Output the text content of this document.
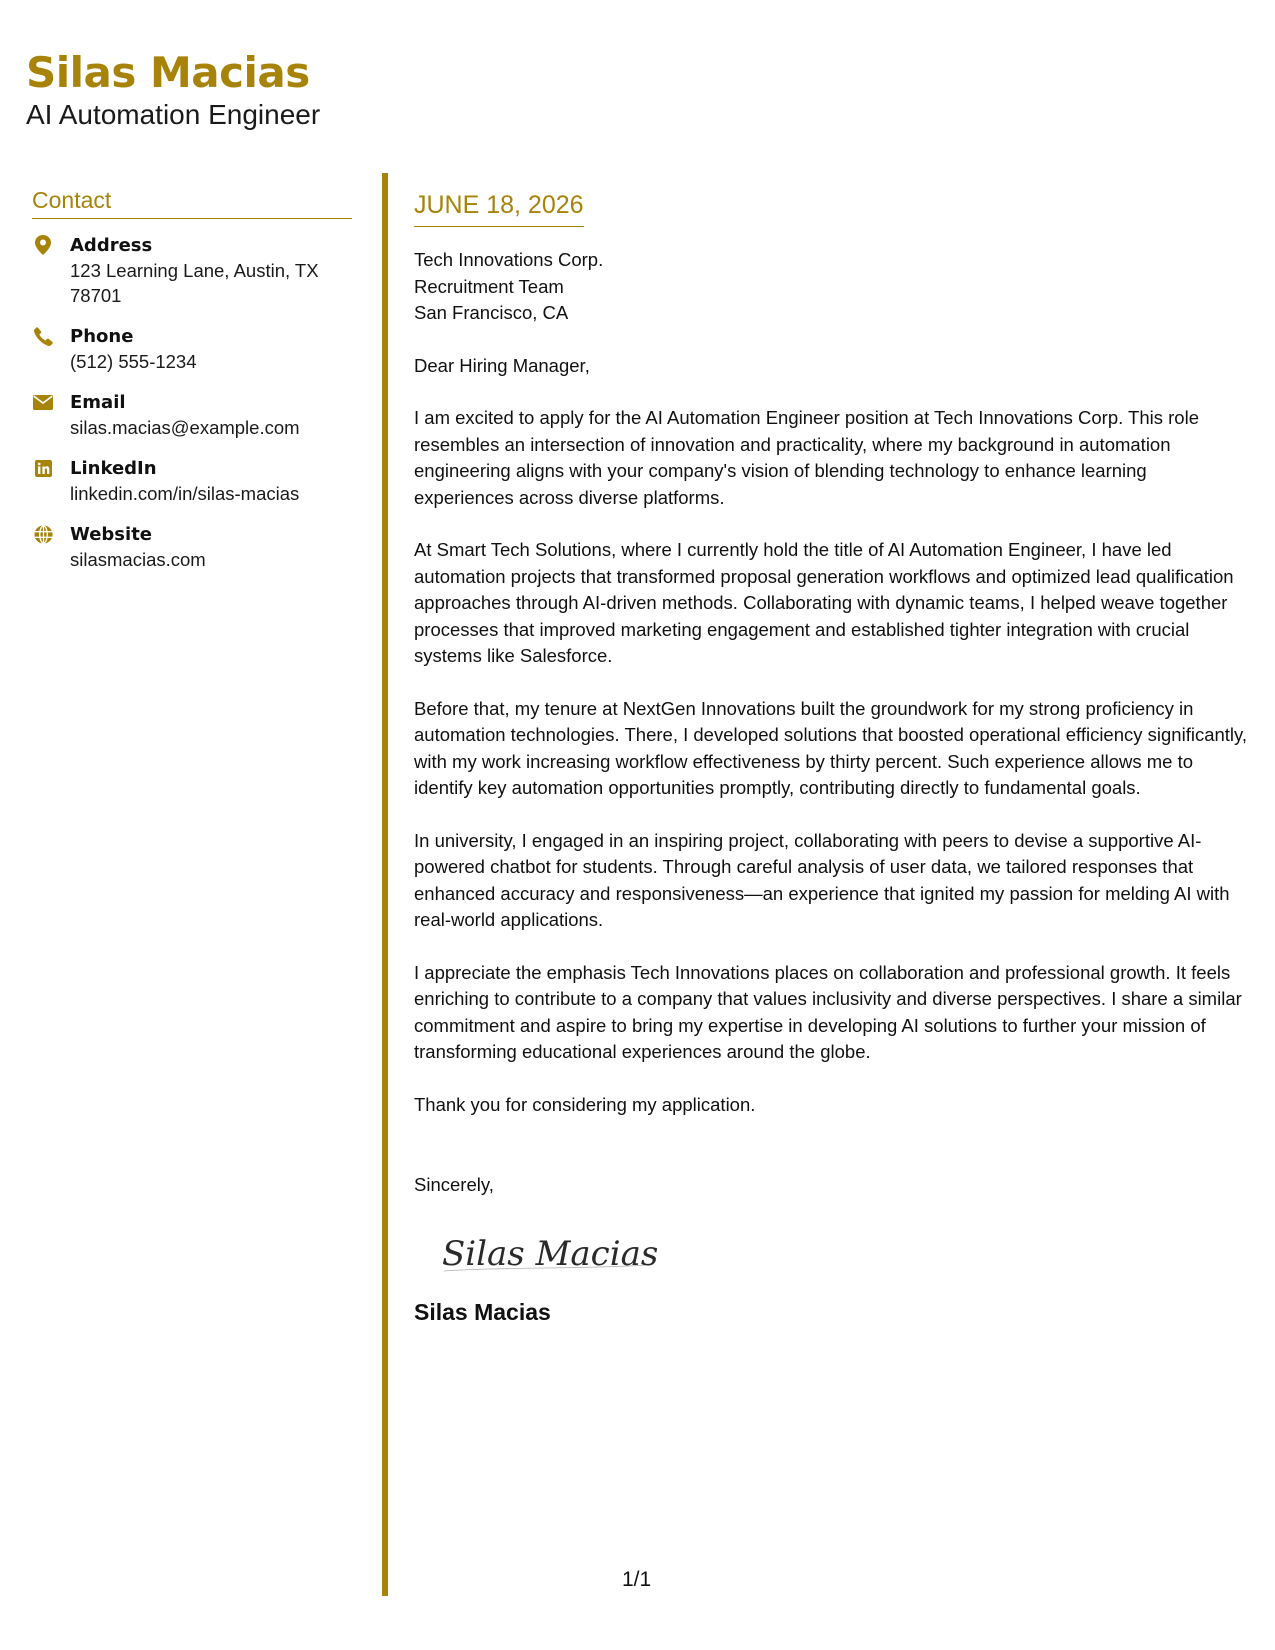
Silas Macias

AI Automation Engineer

Contact
Address
123 Learning Lane, Austin, TX 78701
Phone
(512) 555-1234
Email
silas.macias@example.com
LinkedIn
linkedin.com/in/silas-macias
Website
silasmacias.com
JUNE 18, 2026
Tech Innovations Corp.
Recruitment Team
San Francisco, CA

Dear Hiring Manager,

I am excited to apply for the AI Automation Engineer position at Tech Innovations Corp. This role resembles an intersection of innovation and practicality, where my background in automation engineering aligns with your company's vision of blending technology to enhance learning experiences across diverse platforms.

At Smart Tech Solutions, where I currently hold the title of AI Automation Engineer, I have led automation projects that transformed proposal generation workflows and optimized lead qualification approaches through AI-driven methods. Collaborating with dynamic teams, I helped weave together processes that improved marketing engagement and established tighter integration with crucial systems like Salesforce.

Before that, my tenure at NextGen Innovations built the groundwork for my strong proficiency in automation technologies. There, I developed solutions that boosted operational efficiency significantly, with my work increasing workflow effectiveness by thirty percent. Such experience allows me to identify key automation opportunities promptly, contributing directly to fundamental goals.

In university, I engaged in an inspiring project, collaborating with peers to devise a supportive AI-powered chatbot for students. Through careful analysis of user data, we tailored responses that enhanced accuracy and responsiveness—an experience that ignited my passion for melding AI with real-world applications.

I appreciate the emphasis Tech Innovations places on collaboration and professional growth. It feels enriching to contribute to a company that values inclusivity and diverse perspectives. I share a similar commitment and aspire to bring my expertise in developing AI solutions to further your mission of transforming educational experiences around the globe.

Thank you for considering my application.

Sincerely,

Silas Macias
Silas Macias
1/1
